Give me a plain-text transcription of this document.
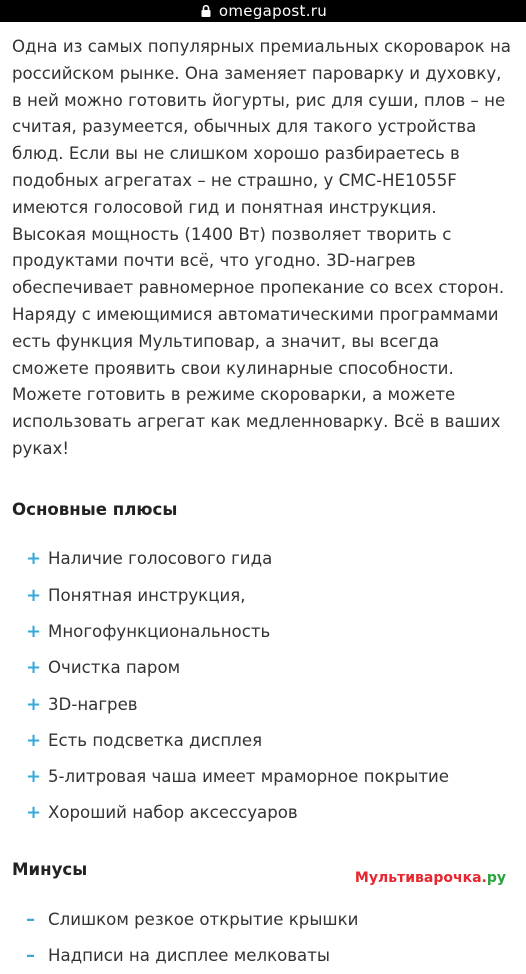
omegapost.ru

Одна из самых популярных премиальных скороварок на российском рынке. Она заменяет пароварку и духовку, в ней можно готовить йогурты, рис для суши, плов – не считая, разумеется, обычных для такого устройства блюд. Если вы не слишком хорошо разбираетесь в подобных агрегатах – не страшно, у CMC-HE1055F имеются голосовой гид и понятная инструкция. Высокая мощность (1400 Вт) позволяет творить с продуктами почти всё, что угодно. 3D-нагрев обеспечивает равномерное пропекание со всех сторон. Наряду с имеющимися автоматическими программами есть функция Мультиповар, а значит, вы всегда сможете проявить свои кулинарные способности. Можете готовить в режиме скороварки, а можете использовать агрегат как медленноварку. Всё в ваших руках!

Основные плюсы
+ Наличие голосового гида
+ Понятная инструкция,
+ Многофункциональность
+ Очистка паром
+ 3D-нагрев
+ Есть подсветка дисплея
+ 5-литровая чаша имеет мраморное покрытие
+ Хороший набор аксессуаров
Минусы
– Слишком резкое открытие крышки
– Надписи на дисплее мелковаты
Мультиварочка.ру
